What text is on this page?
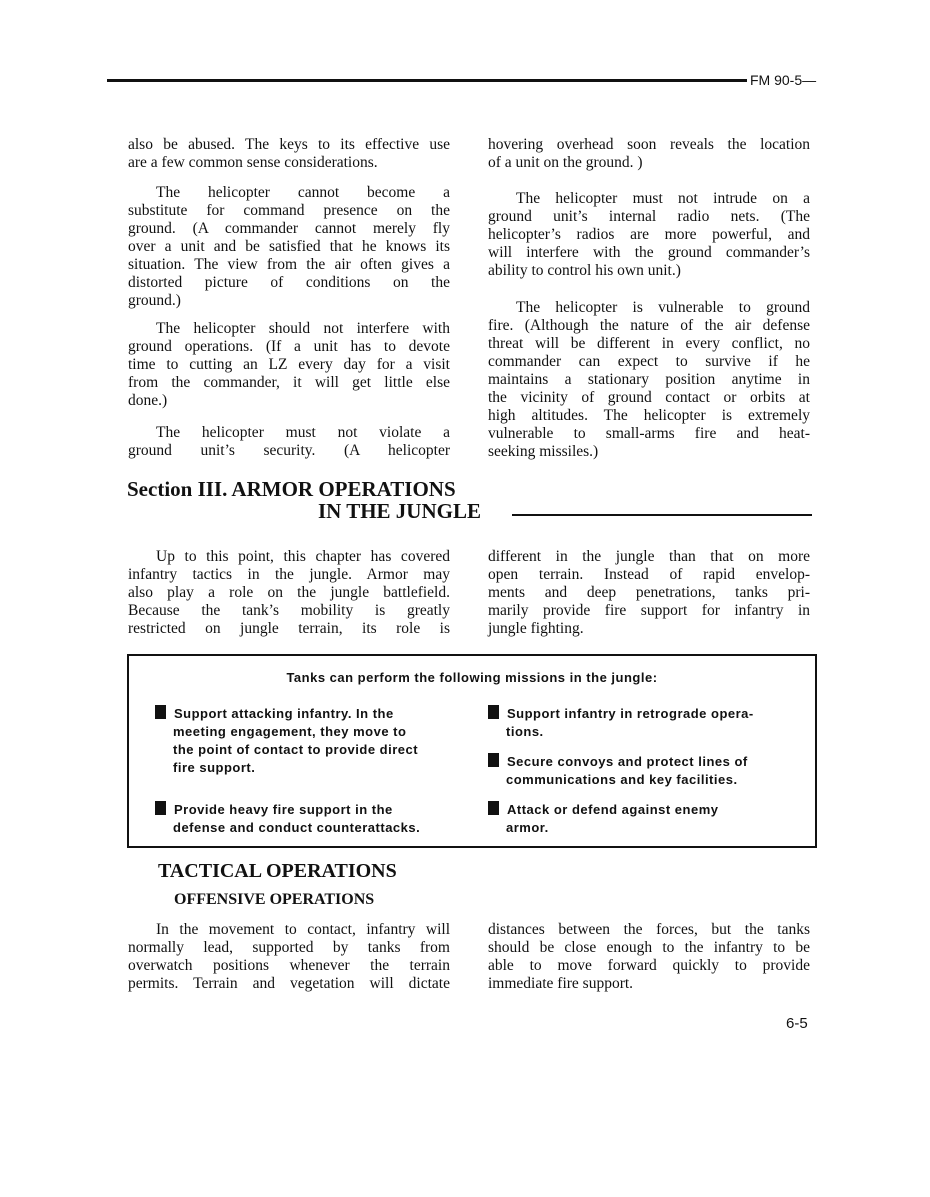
FM 90-5—
also be abused. The keys to its effective use
are a few common sense considerations.
The helicopter cannot become a
substitute for command presence on the
ground. (A commander cannot merely fly
over a unit and be satisfied that he knows its
situation. The view from the air often gives a
distorted picture of conditions on the
ground.)
The helicopter should not interfere with
ground operations. (If a unit has to devote
time to cutting an LZ every day for a visit
from the commander, it will get little else
done.)
The helicopter must not violate a
ground unit’s security. (A helicopter
hovering overhead soon reveals the location
of a unit on the ground. )
The helicopter must not intrude on a
ground unit’s internal radio nets. (The
helicopter’s radios are more powerful, and
will interfere with the ground commander’s
ability to control his own unit.)
The helicopter is vulnerable to ground
fire. (Although the nature of the air defense
threat will be different in every conflict, no
commander can expect to survive if he
maintains a stationary position anytime in
the vicinity of ground contact or orbits at
high altitudes. The helicopter is extremely
vulnerable to small-arms fire and heat-
seeking missiles.)
Up to this point, this chapter has covered
infantry tactics in the jungle. Armor may
also play a role on the jungle battlefield.
Because the tank’s mobility is greatly
restricted on jungle terrain, its role is
different in the jungle than that on more
open terrain. Instead of rapid envelop-
ments and deep penetrations, tanks pri-
marily provide fire support for infantry in
jungle fighting.
In the movement to contact, infantry will
normally lead, supported by tanks from
overwatch positions whenever the terrain
permits. Terrain and vegetation will dictate
distances between the forces, but the tanks
should be close enough to the infantry to be
able to move forward quickly to provide
immediate fire support.
Section III. ARMOR OPERATIONS
IN THE JUNGLE
Tanks can perform the following missions in the jungle:
Support attacking infantry. In the
meeting engagement, they move to
the point of contact to provide direct
fire support.
Provide heavy fire support in the
defense and conduct counterattacks.
Support infantry in retrograde opera-
tions.
Secure convoys and protect lines of
communications and key facilities.
Attack or defend against enemy
armor.
TACTICAL OPERATIONS
OFFENSIVE OPERATIONS
6-5
